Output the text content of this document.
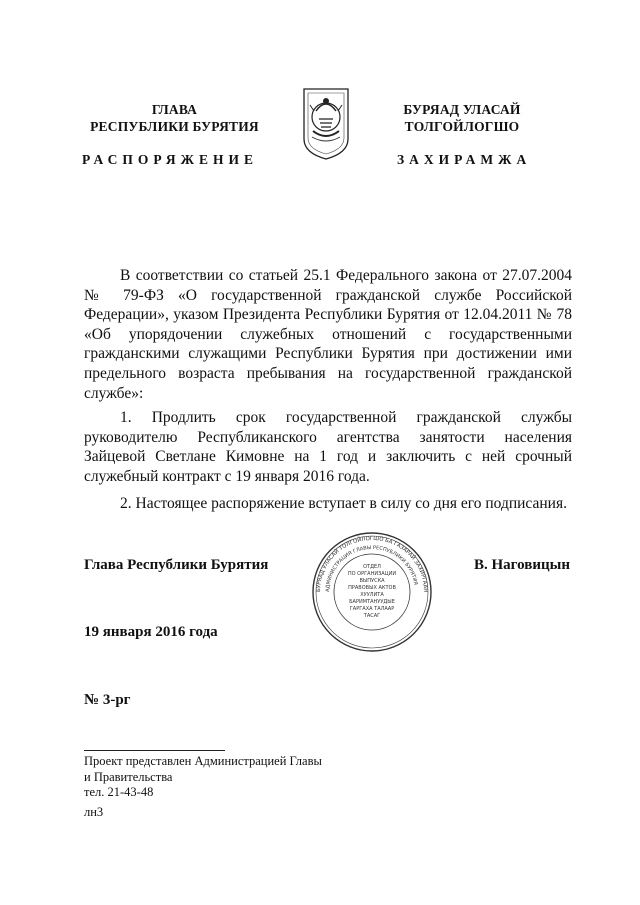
ГЛАВА
РЕСПУБЛИКИ БУРЯТИЯ
БУРЯАД УЛАСАЙ
ТОЛГОЙЛОГШО
РАСПОРЯЖЕНИЕ	ЗАХИРАМЖА
В соответствии со статьей 25.1 Федерального закона от 27.07.2004 № 79-ФЗ «О государственной гражданской службе Российской Федерации», указом Президента Республики Бурятия от 12.04.2011 № 78 «Об упорядочении служебных отношений с государственными гражданскими служащими Республики Бурятия при достижении ими предельного возраста пребывания на государственной гражданской службе»:
1. Продлить срок государственной гражданской службы руководителю Республиканского агентства занятости населения Зайцевой Светлане Кимовне на 1 год и заключить с ней срочный служебный контракт с 19 января 2016 года.
2. Настоящее распоряжение вступает в силу со дня его подписания.
Глава Республики Бурятия	В. Наговицын
БУРЯАД УЛАСАЙ ТОЛГОЙЛОГШО БА ГАЗАРАЙ ЗАХИРГААН
АДМИНИСТРАЦИЯ ГЛАВЫ РЕСПУБЛИКИ БУРЯТИЯ
ОТДЕЛ
ПО ОРГАНИЗАЦИИ
ВЫПУСКА
ПРАВОВЫХ АКТОВ
ХУУЛИТА
БАРИМТАНУУДЫЕ
ГАРГАХА ТАЛААР
ТАСАГ
19 января 2016 года
№ 3-рг
Проект представлен Администрацией Главы
и Правительства
тел. 21-43-48
лн3
